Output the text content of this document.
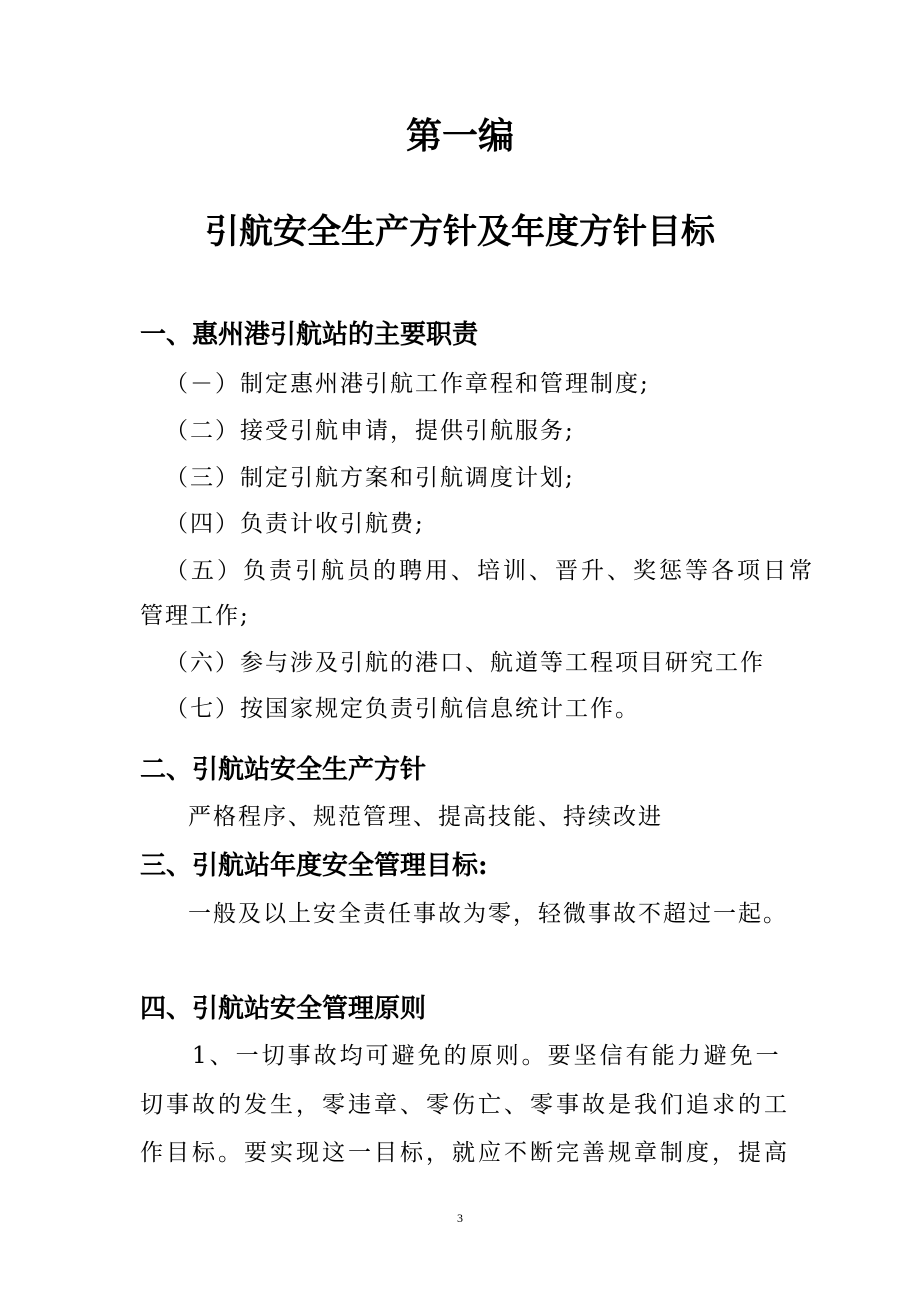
第一编
引航安全生产方针及年度方针目标
一、惠州港引航站的主要职责
（－）制定惠州港引航工作章程和管理制度;
（二）接受引航申请，提供引航服务;
（三）制定引航方案和引航调度计划;
（四）负责计收引航费;
（五）负责引航员的聘用、培训、晋升、奖惩等各项日常
管理工作;
（六）参与涉及引航的港口、航道等工程项目研究工作
（七）按国家规定负责引航信息统计工作。
二、引航站安全生产方针
严格程序、规范管理、提高技能、持续改进
三、引航站年度安全管理目标:
一般及以上安全责任事故为零，轻微事故不超过一起。
四、引航站安全管理原则
1、一切事故均可避免的原则。要坚信有能力避免一
切事故的发生，零违章、零伤亡、零事故是我们追求的工
作目标。要实现这一目标，就应不断完善规章制度，提高
3
